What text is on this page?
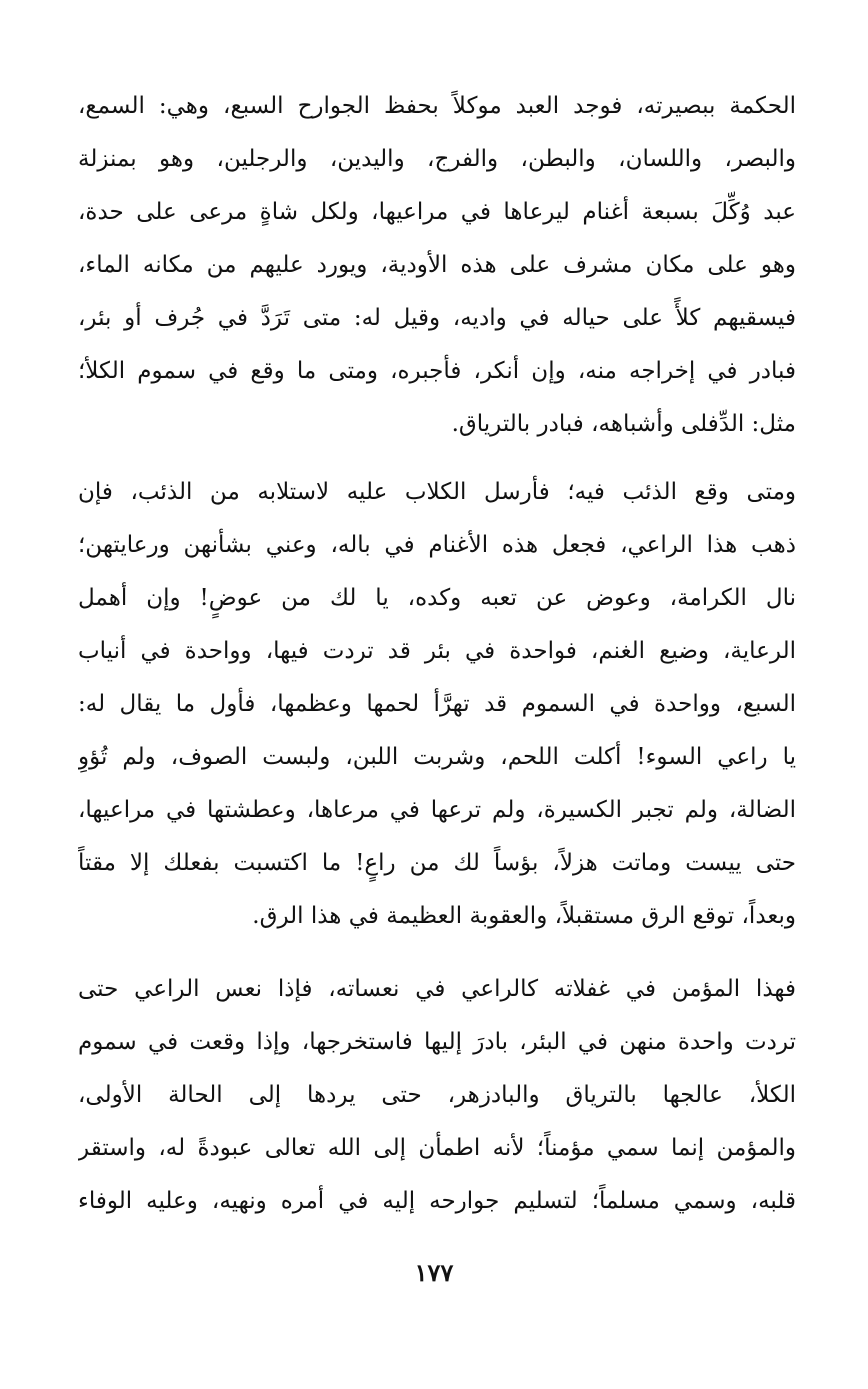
الحكمة ببصيرته، فوجد العبد موكلاً بحفظ الجوارح السبع، وهي: السمع،
والبصر، واللسان، والبطن، والفرج، واليدين، والرجلين، وهو بمنزلة
عبد وُكِّلَ بسبعة أغنام ليرعاها في مراعيها، ولكل شاةٍ مرعى على حدة،
وهو على مكان مشرف على هذه الأودية، ويورد عليهم من مكانه الماء،
فيسقيهم كلأً على حياله في واديه، وقيل له: متى تَرَدَّ في جُرف أو بئر،
فبادر في إخراجه منه، وإن أنكر، فأجبره، ومتى ما وقع في سموم الكلأ؛
مثل: الدِّفلى وأشباهه، فبادر بالترياق.
ومتى وقع الذئب فيه؛ فأرسل الكلاب عليه لاستلابه من الذئب، فإن
ذهب هذا الراعي، فجعل هذه الأغنام في باله، وعني بشأنهن ورعايتهن؛
نال الكرامة، وعوض عن تعبه وكده، يا لك من عوضٍ! وإن أهمل
الرعاية، وضيع الغنم، فواحدة في بئر قد تردت فيها، وواحدة في أنياب
السبع، وواحدة في السموم قد تهرَّأ لحمها وعظمها، فأول ما يقال له:
يا راعي السوء! أكلت اللحم، وشربت اللبن، ولبست الصوف، ولم تُؤوِ
الضالة، ولم تجبر الكسيرة، ولم ترعها في مرعاها، وعطشتها في مراعيها،
حتى ييست وماتت هزلاً، بؤساً لك من راعٍ! ما اكتسبت بفعلك إلا مقتاً
وبعداً، توقع الرق مستقبلاً، والعقوبة العظيمة في هذا الرق.
فهذا المؤمن في غفلاته كالراعي في نعساته، فإذا نعس الراعي حتى
تردت واحدة منهن في البئر، بادرَ إليها فاستخرجها، وإذا وقعت في سموم
الكلأ، عالجها بالترياق والبادزهر، حتى يردها إلى الحالة الأولى،
والمؤمن إنما سمي مؤمناً؛ لأنه اطمأن إلى الله تعالى عبودةً له، واستقر
قلبه، وسمي مسلماً؛ لتسليم جوارحه إليه في أمره ونهيه، وعليه الوفاء
١٧٧
